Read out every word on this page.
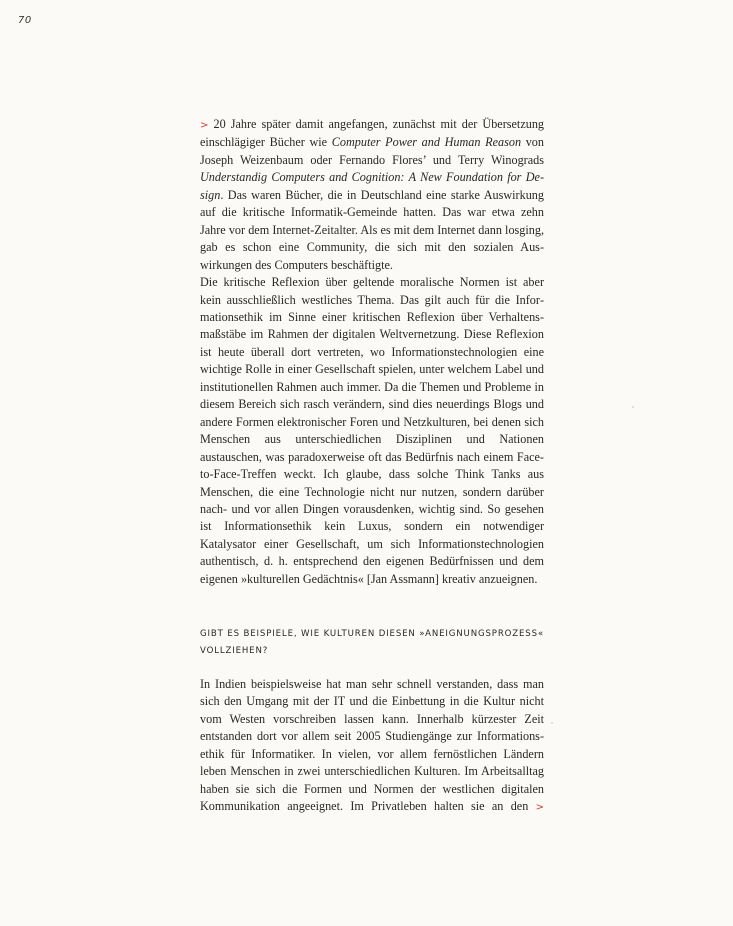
70

> 20 Jahre später damit angefangen, zunächst mit der Übersetzung einschlägiger Bücher wie Computer Power and Human Reason von Joseph Weizenbaum oder Fernando Flores’ und Terry Winograds Understandig Computers and Cognition: A New Foundation for Design. Das waren Bücher, die in Deutschland eine starke Auswirkung auf die kritische Informatik-Gemeinde hatten. Das war etwa zehn Jahre vor dem Internet-Zeitalter. Als es mit dem Internet dann losging, gab es schon eine Community, die sich mit den sozialen Auswirkungen des Computers beschäftigte.

Die kritische Reflexion über geltende moralische Normen ist aber kein ausschließlich westliches Thema. Das gilt auch für die Informationsethik im Sinne einer kritischen Reflexion über Verhaltensmaßstäbe im Rahmen der digitalen Weltvernetzung. Diese Reflexion ist heute überall dort vertreten, wo Informationstechnologien eine wichtige Rolle in einer Gesellschaft spielen, unter welchem Label und institutionellen Rahmen auch immer. Da die Themen und Probleme in diesem Bereich sich rasch verändern, sind dies neuerdings Blogs und andere Formen elektronischer Foren und Netzkulturen, bei denen sich Menschen aus unterschiedlichen Disziplinen und Nationen austauschen, was paradoxerweise oft das Bedürfnis nach einem Face-to-Face-Treffen weckt. Ich glaube, dass solche Think Tanks aus Menschen, die eine Technologie nicht nur nutzen, sondern darüber nach- und vor allen Dingen vorausdenken, wichtig sind. So gesehen ist Informationsethik kein Luxus, sondern ein notwendiger Katalysator einer Gesellschaft, um sich Informationstechnologien authentisch, d. h. entsprechend den eigenen Bedürfnissen und dem eigenen »kulturellen Gedächtnis« [Jan Assmann] kreativ anzueignen.

GIBT ES BEISPIELE, WIE KULTUREN DIESEN »ANEIGNUNGSPROZESS« VOLLZIEHEN?

In Indien beispielsweise hat man sehr schnell verstanden, dass man sich den Umgang mit der IT und die Einbettung in die Kultur nicht vom Westen vorschreiben lassen kann. Innerhalb kürzester Zeit entstanden dort vor allem seit 2005 Studiengänge zur Informationsethik für Informatiker. In vielen, vor allem fernöstlichen Ländern leben Menschen in zwei unterschiedlichen Kulturen. Im Arbeitsalltag haben sie sich die Formen und Normen der westlichen digitalen Kommunikation angeeignet. Im Privatleben halten sie an den >
